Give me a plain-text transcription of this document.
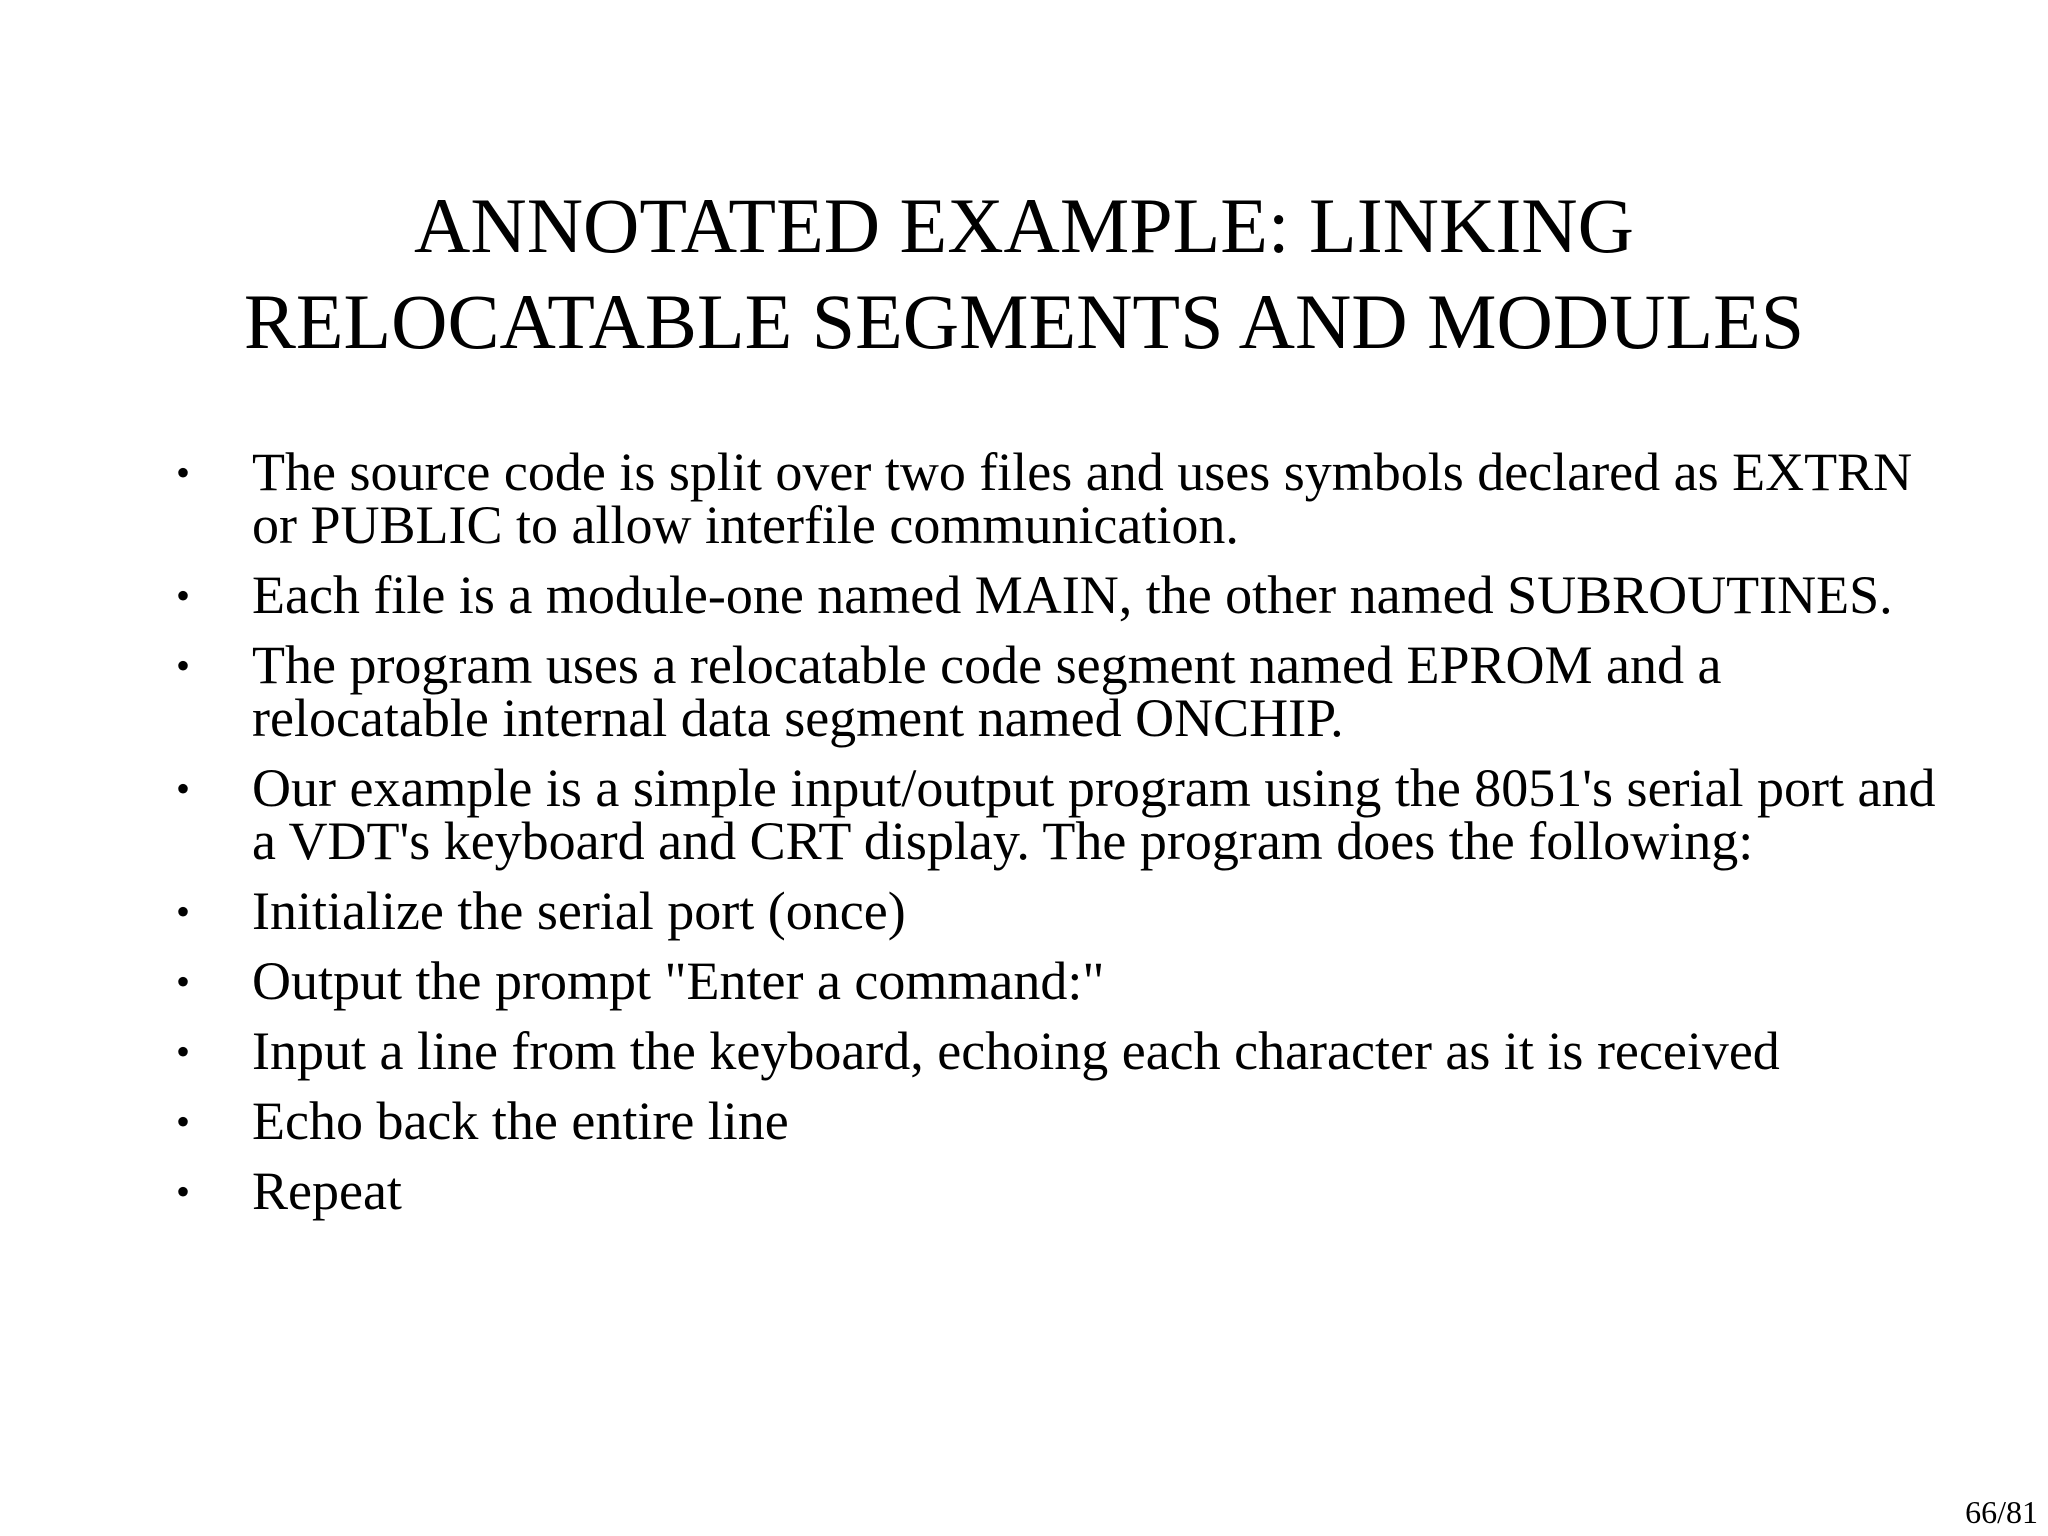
ANNOTATED EXAMPLE: LINKING
RELOCATABLE SEGMENTS AND MODULES
• The source code is split over two files and uses symbols declared as EXTRN or PUBLIC to allow interfile communication.
• Each file is a module-one named MAIN, the other named SUBROUTINES.
• The program uses a relocatable code segment named EPROM and a relocatable internal data segment named ONCHIP.
• Our example is a simple input/output program using the 8051's serial port and a VDT's keyboard and CRT display. The program does the following:
• Initialize the serial port (once)
• Output the prompt "Enter a command:"
• Input a line from the keyboard, echoing each character as it is received
• Echo back the entire line
• Repeat
66/81
